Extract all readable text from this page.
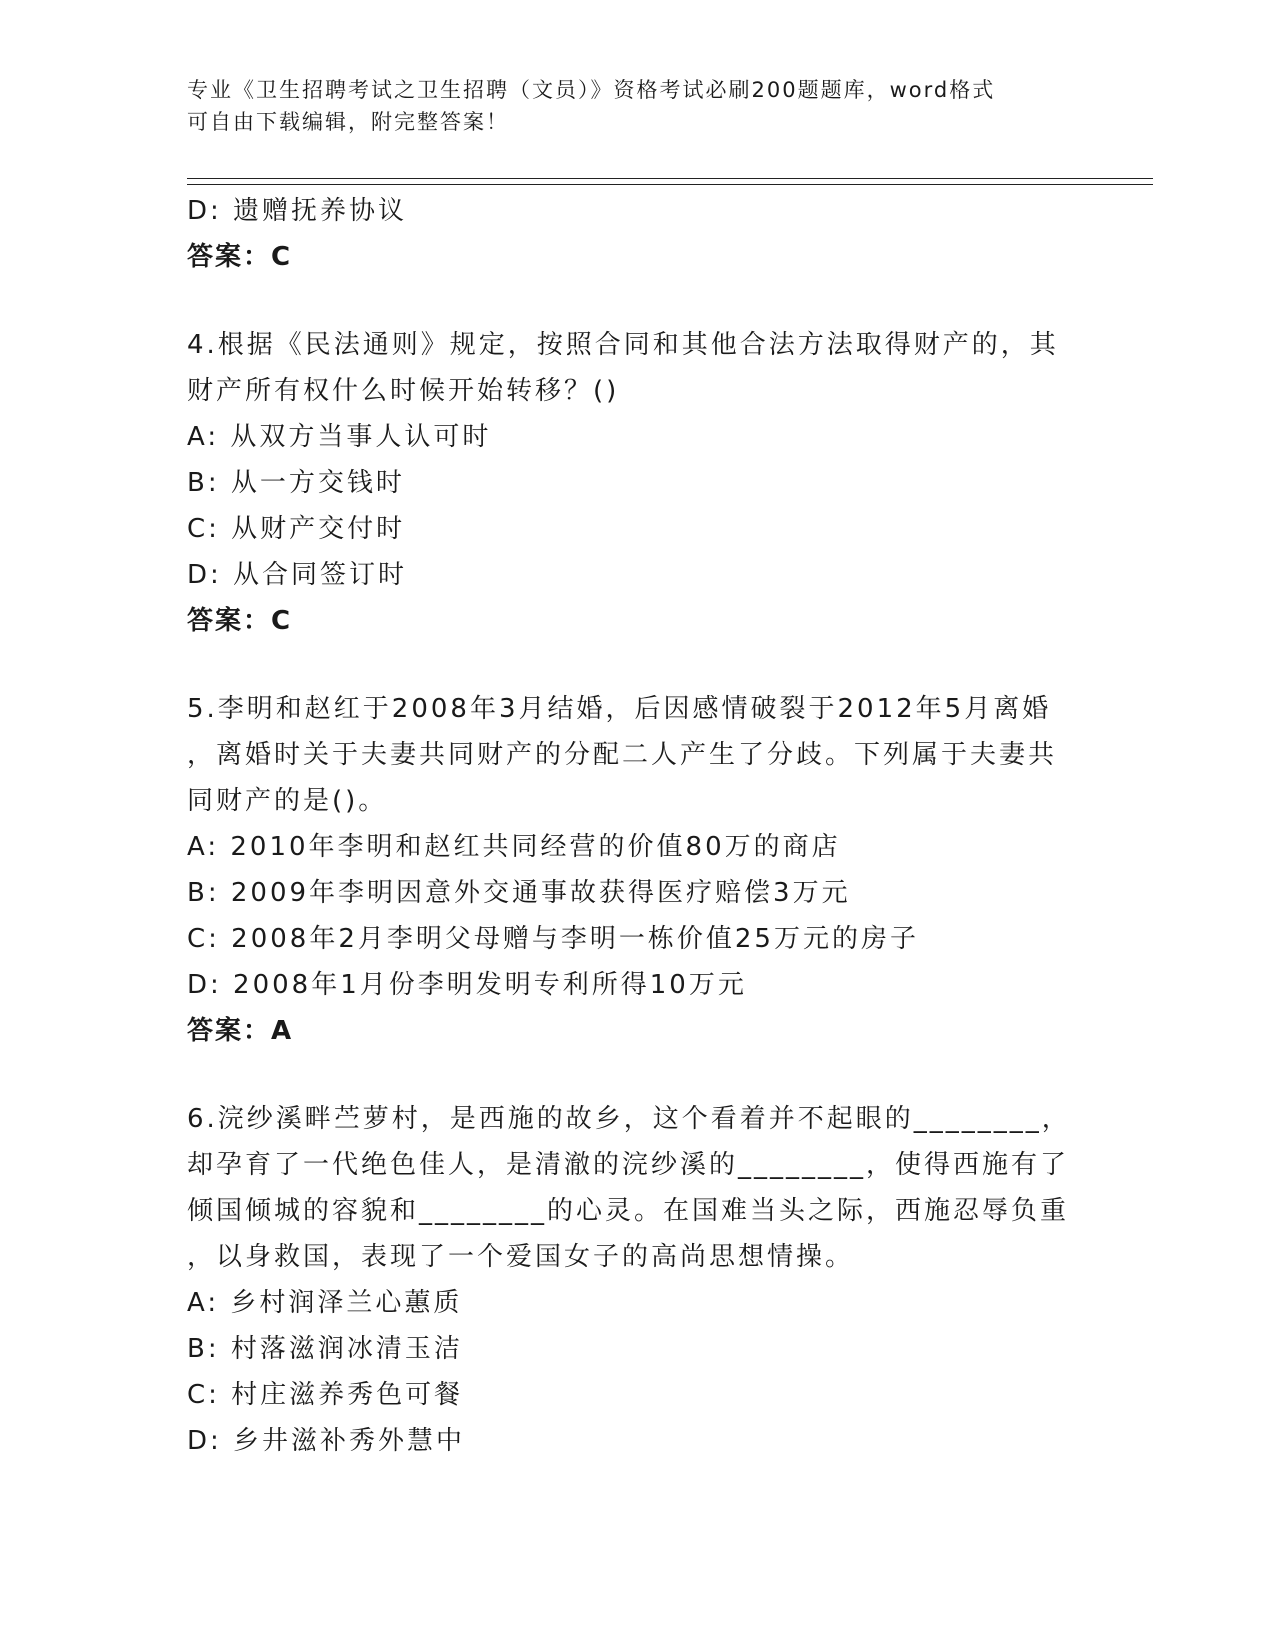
专业《卫生招聘考试之卫生招聘（文员）》资格考试必刷200题题库，word格式
可自由下载编辑，附完整答案！
D: 遗赠抚养协议
答案：C
4.根据《民法通则》规定，按照合同和其他合法方法取得财产的，其
财产所有权什么时候开始转移？()
A: 从双方当事人认可时
B: 从一方交钱时
C: 从财产交付时
D: 从合同签订时
答案：C
5.李明和赵红于2008年3月结婚，后因感情破裂于2012年5月离婚
，离婚时关于夫妻共同财产的分配二人产生了分歧。下列属于夫妻共
同财产的是()。
A: 2010年李明和赵红共同经营的价值80万的商店
B: 2009年李明因意外交通事故获得医疗赔偿3万元
C: 2008年2月李明父母赠与李明一栋价值25万元的房子
D: 2008年1月份李明发明专利所得10万元
答案：A
6.浣纱溪畔苎萝村，是西施的故乡，这个看着并不起眼的________，
却孕育了一代绝色佳人，是清澈的浣纱溪的________，使得西施有了
倾国倾城的容貌和________的心灵。在国难当头之际，西施忍辱负重
，以身救国，表现了一个爱国女子的高尚思想情操。
A: 乡村润泽兰心蕙质
B: 村落滋润冰清玉洁
C: 村庄滋养秀色可餐
D: 乡井滋补秀外慧中
